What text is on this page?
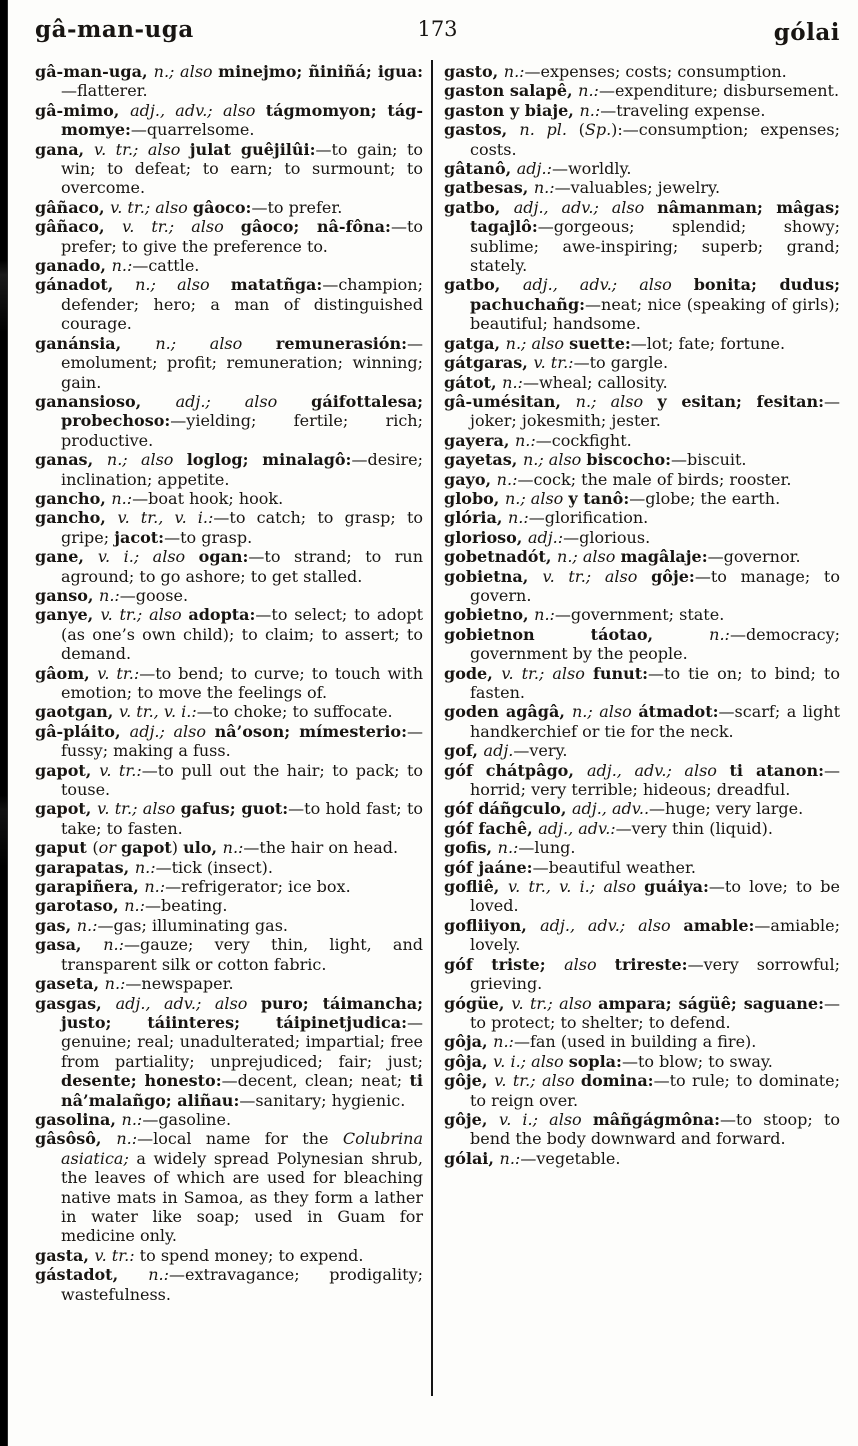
gâ-man-uga	173	gólai
gâ-man-uga, n.; also minejmo; ñiniñá; igua:—flatterer.
gâ-mimo, adj., adv.; also tágmomyon; tág-momye:—quarrelsome.
gana, v. tr.; also julat guêjilûi:—to gain; to win; to defeat; to earn; to surmount; to overcome.
gâñaco, v. tr.; also gâoco:—to prefer.
gâñaco, v. tr.; also gâoco; nâ-fôna:—to prefer; to give the preference to.
ganado, n.:—cattle.
gánadot, n.; also matatñga:—champion; defender; hero; a man of distinguished courage.
ganánsia, n.; also remunerasión:—emolument; profit; remuneration; winning; gain.
ganansioso, adj.; also gáifottalesa; probechoso:—yielding; fertile; rich; productive.
ganas, n.; also loglog; minalagô:—desire; inclination; appetite.
gancho, n.:—boat hook; hook.
gancho, v. tr., v. i.:—to catch; to grasp; to gripe; jacot:—to grasp.
gane, v. i.; also ogan:—to strand; to run aground; to go ashore; to get stalled.
ganso, n.:—goose.
ganye, v. tr.; also adopta:—to select; to adopt (as one’s own child); to claim; to assert; to demand.
gâom, v. tr.:—to bend; to curve; to touch with emotion; to move the feelings of.
gaotgan, v. tr., v. i.:—to choke; to suffocate.
gâ-pláito, adj.; also nâ’oson; mímesterio:—fussy; making a fuss.
gapot, v. tr.:—to pull out the hair; to pack; to touse.
gapot, v. tr.; also gafus; guot:—to hold fast; to take; to fasten.
gaput (or gapot) ulo, n.:—the hair on head.
garapatas, n.:—tick (insect).
garapiñera, n.:—refrigerator; ice box.
garotaso, n.:—beating.
gas, n.:—gas; illuminating gas.
gasa, n.:—gauze; very thin, light, and transparent silk or cotton fabric.
gaseta, n.:—newspaper.
gasgas, adj., adv.; also puro; táimancha; justo; táiinteres; táipinetjudica:—genuine; real; unadulterated; impartial; free from partiality; unprejudiced; fair; just; desente; honesto:—decent, clean; neat; ti nâ’malañgo; aliñau:—sanitary; hygienic.
gasolina, n.:—gasoline.
gâsôsô, n.:—local name for the Colubrina asiatica; a widely spread Polynesian shrub, the leaves of which are used for bleaching native mats in Samoa, as they form a lather in water like soap; used in Guam for medicine only.
gasta, v. tr.: to spend money; to expend.
gástadot, n.:—extravagance; prodigality; wastefulness.
gasto, n.:—expenses; costs; consumption.
gaston salapê, n.:—expenditure; disbursement.
gaston y biaje, n.:—traveling expense.
gastos, n. pl. (Sp.):—consumption; expenses; costs.
gâtanô, adj.:—worldly.
gatbesas, n.:—valuables; jewelry.
gatbo, adj., adv.; also nâmanman; mâgas; tagajlô:—gorgeous; splendid; showy; sublime; awe-inspiring; superb; grand; stately.
gatbo, adj., adv.; also bonita; dudus; pachuchañg:—neat; nice (speaking of girls); beautiful; handsome.
gatga, n.; also suette:—lot; fate; fortune.
gátgaras, v. tr.:—to gargle.
gátot, n.:—wheal; callosity.
gâ-umésitan, n.; also y esitan; fesitan:—joker; jokesmith; jester.
gayera, n.:—cockfight.
gayetas, n.; also biscocho:—biscuit.
gayo, n.:—cock; the male of birds; rooster.
globo, n.; also y tanô:—globe; the earth.
glória, n.:—glorification.
glorioso, adj.:—glorious.
gobetnadót, n.; also magâlaje:—governor.
gobietna, v. tr.; also gôje:—to manage; to govern.
gobietno, n.:—government; state.
gobietnon táotao, n.:—democracy; government by the people.
gode, v. tr.; also funut:—to tie on; to bind; to fasten.
goden agâgâ, n.; also átmadot:—scarf; a light handkerchief or tie for the neck.
gof, adj.—very.
góf chátpâgo, adj., adv.; also ti atanon:—horrid; very terrible; hideous; dreadful.
góf dáñgculo, adj., adv..—huge; very large.
góf fachê, adj., adv.:—very thin (liquid).
gofis, n.:—lung.
góf jaáne:—beautiful weather.
gofliê, v. tr., v. i.; also guáiya:—to love; to be loved.
gofliiyon, adj., adv.; also amable:—amiable; lovely.
góf triste; also trireste:—very sorrowful; grieving.
gógüe, v. tr.; also ampara; ságüê; saguane:—to protect; to shelter; to defend.
gôja, n.:—fan (used in building a fire).
gôja, v. i.; also sopla:—to blow; to sway.
gôje, v. tr.; also domina:—to rule; to dominate; to reign over.
gôje, v. i.; also mâñgágmôna:—to stoop; to bend the body downward and forward.
gólai, n.:—vegetable.
